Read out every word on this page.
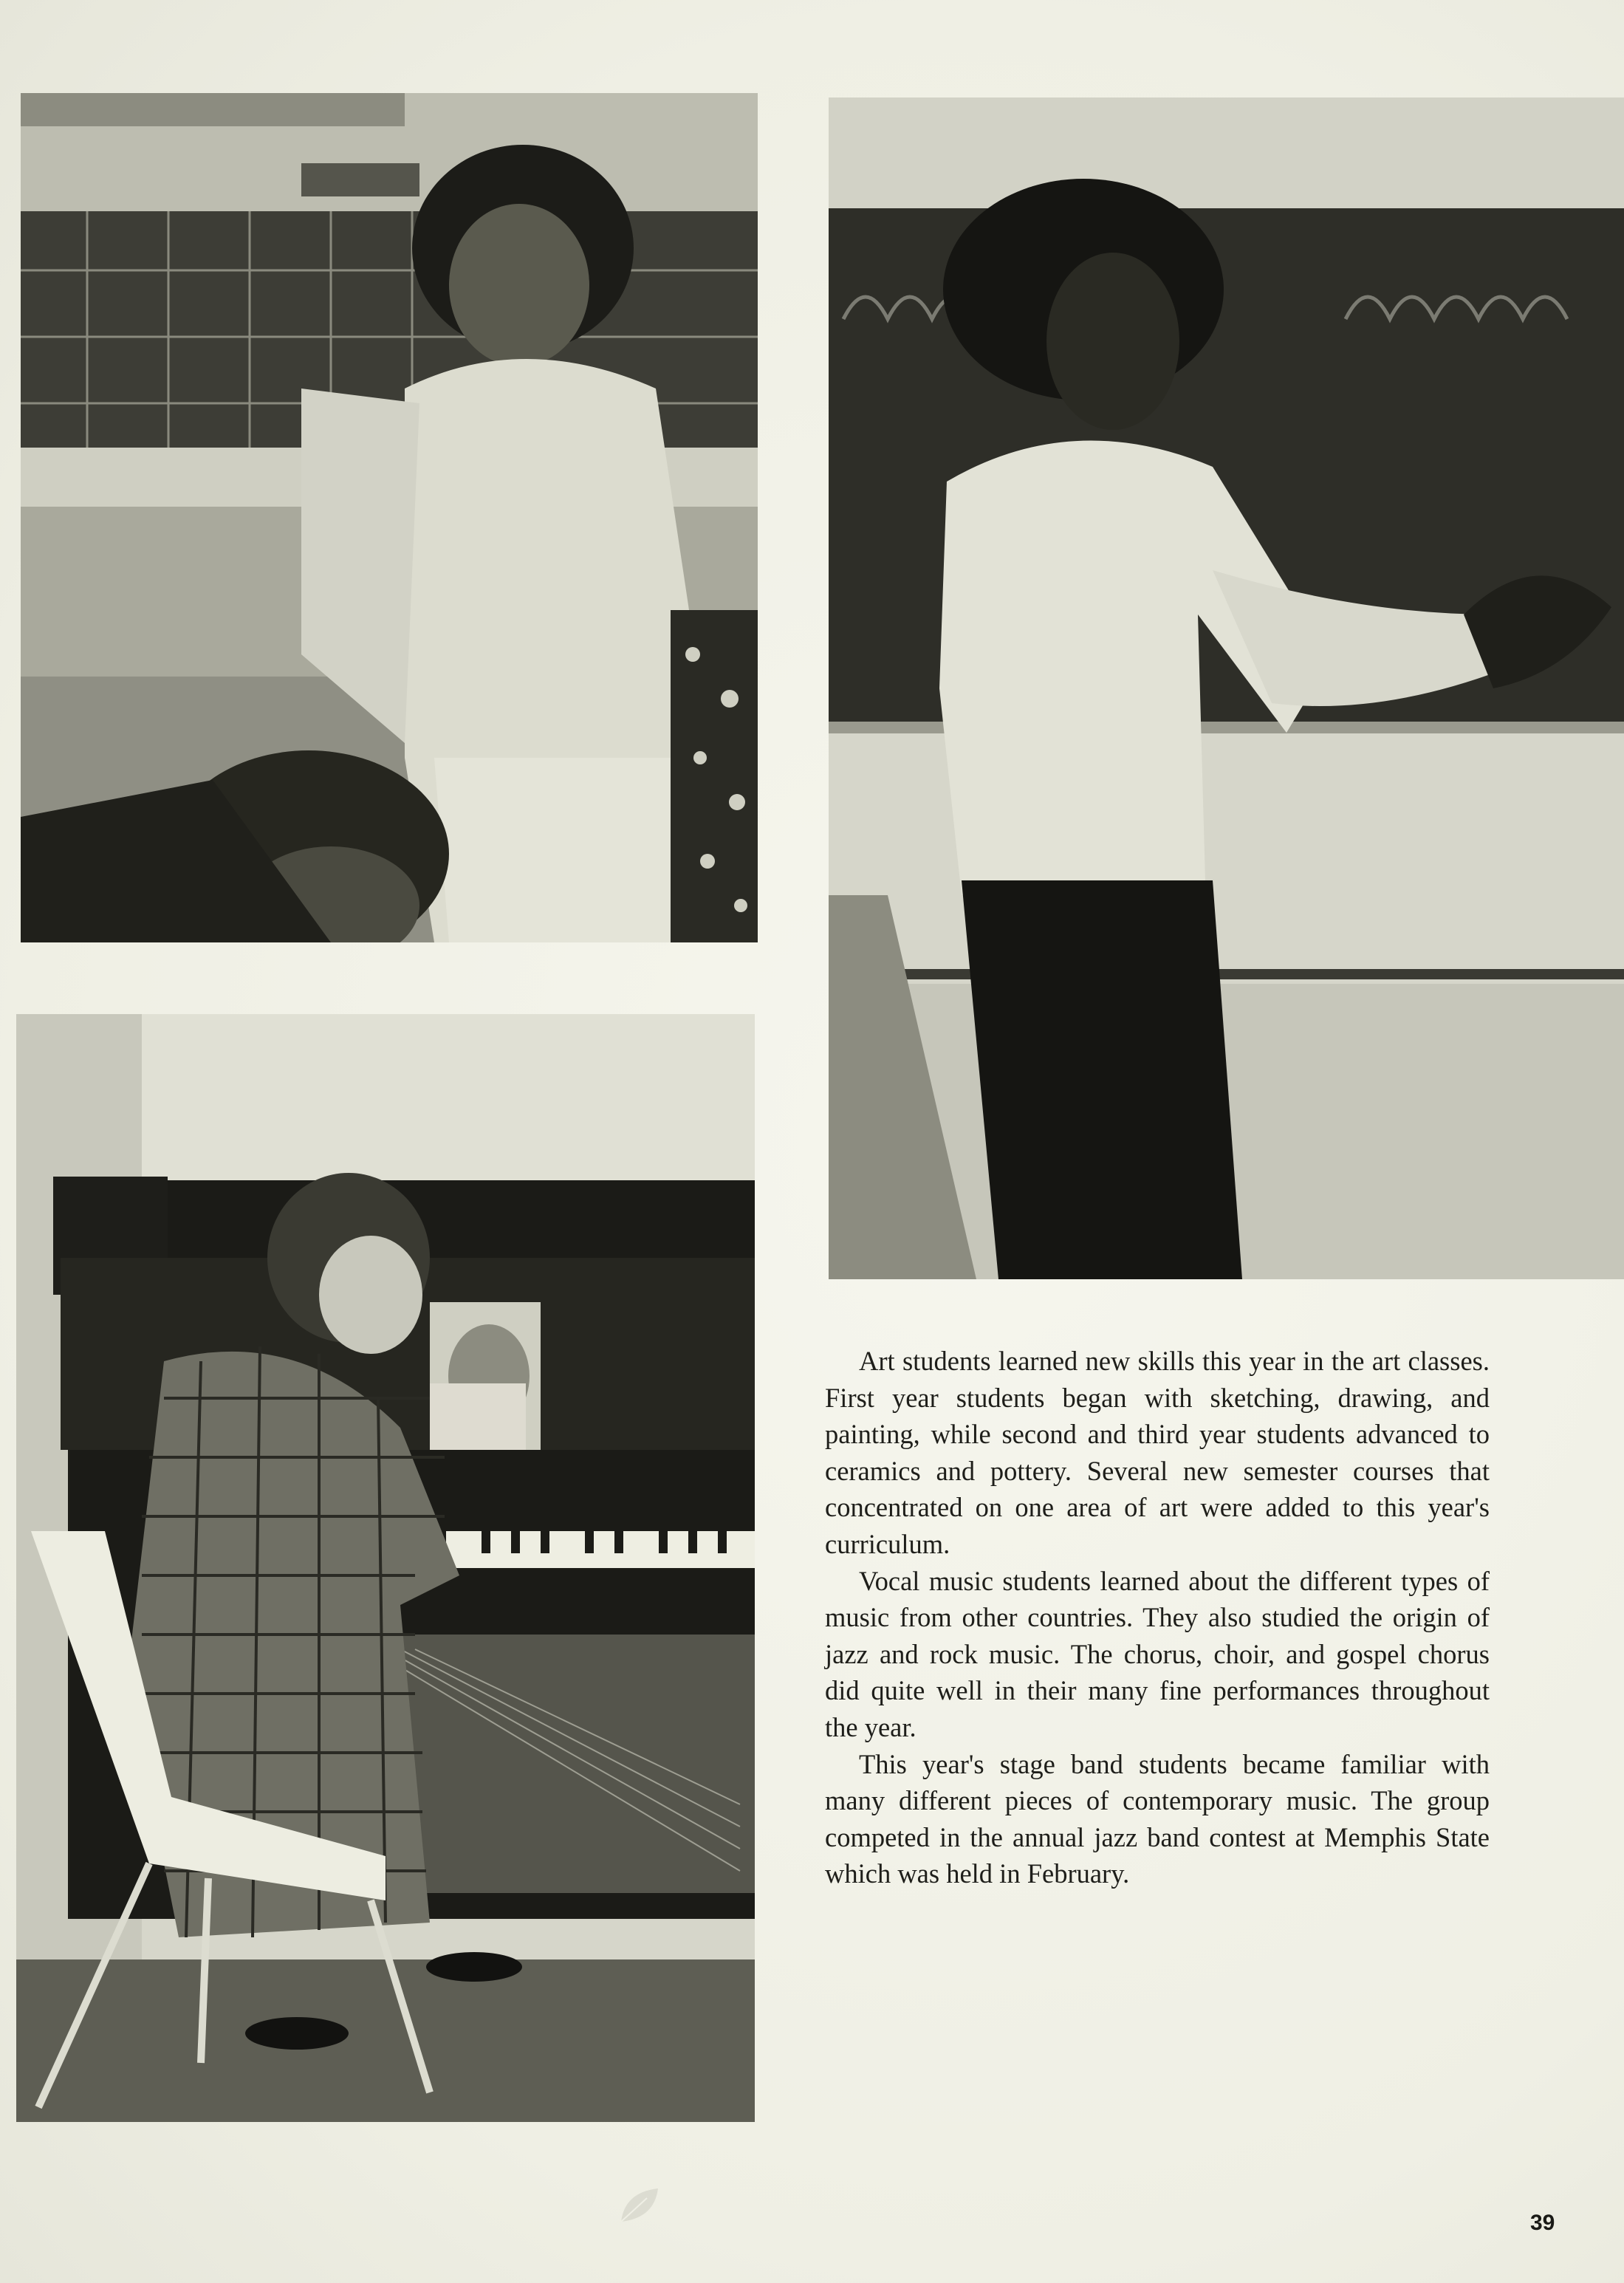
Art students learned new skills this year in the art classes. First year students began with sketching, drawing, and painting, while second and third year students advanced to ceramics and pottery. Several new semester courses that concentrated on one area of art were added to this year's curriculum.

Vocal music students learned about the different types of music from other countries. They also studied the origin of jazz and rock music. The chorus, choir, and gospel chorus did quite well in their many fine performances throughout the year.

This year's stage band students became familiar with many different pieces of contemporary music. The group competed in the annual jazz band contest at Memphis State which was held in February.

39
